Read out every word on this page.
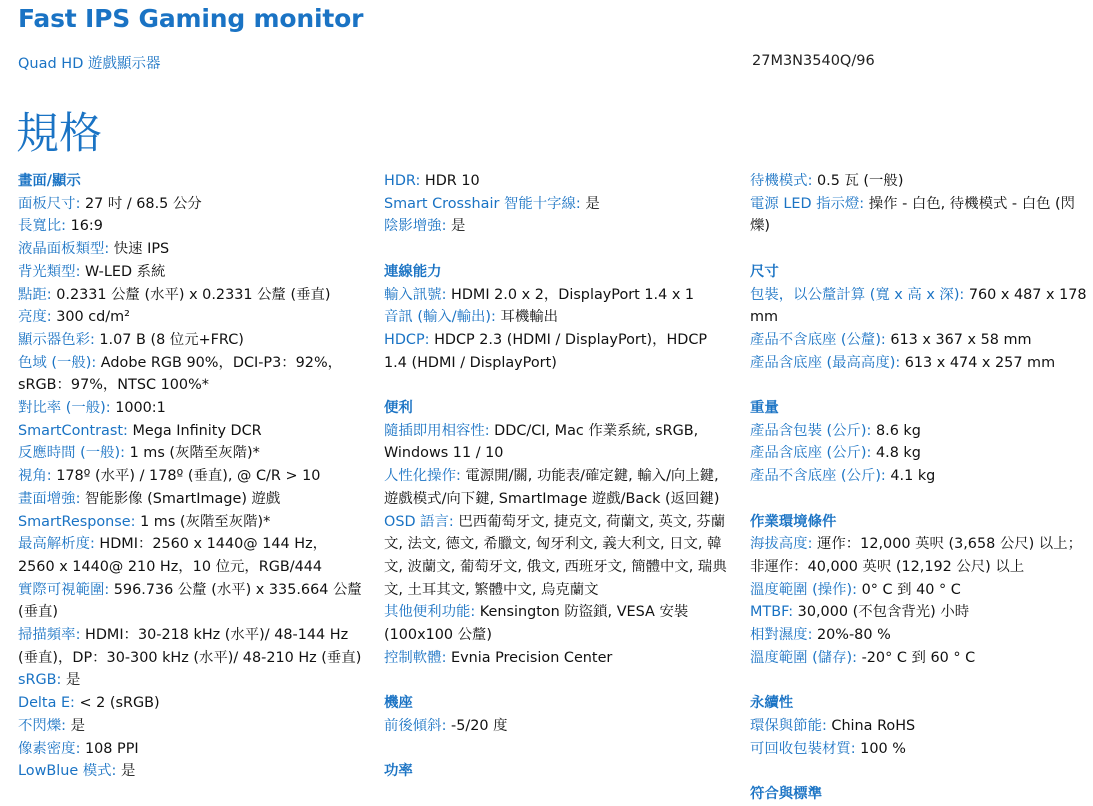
Fast IPS Gaming monitor
Quad HD 遊戲顯示器	27M3N3540Q/96
規格
畫面/顯示
面板尺寸: 27 吋 / 68.5 公分
長寬比: 16:9
液晶面板類型: 快速 IPS
背光類型: W-LED 系統
點距: 0.2331 公釐 (水平) x 0.2331 公釐 (垂直)
亮度: 300 cd/m²
顯示器色彩: 1.07 B (8 位元+FRC)
色域 (一般): Adobe RGB 90%，DCI-P3：92%，sRGB：97%，NTSC 100%*
對比率 (一般): 1000:1
SmartContrast: Mega Infinity DCR
反應時間 (一般): 1 ms (灰階至灰階)*
視角: 178º (水平) / 178º (垂直), @ C/R > 10
畫面增強: 智能影像 (SmartImage) 遊戲
SmartResponse: 1 ms (灰階至灰階)*
最高解析度: HDMI：2560 x 1440@ 144 Hz，2560 x 1440@ 210 Hz，10 位元，RGB/444
實際可視範圍: 596.736 公釐 (水平) x 335.664 公釐 (垂直)
掃描頻率: HDMI：30-218 kHz (水平)/ 48-144 Hz (垂直)，DP：30-300 kHz (水平)/ 48-210 Hz (垂直)
sRGB: 是
Delta E: < 2 (sRGB)
不閃爍: 是
像素密度: 108 PPI
LowBlue 模式: 是
HDR: HDR 10
Smart Crosshair 智能十字線: 是
陰影增強: 是
連線能力
輸入訊號: HDMI 2.0 x 2，DisplayPort 1.4 x 1
音訊 (輸入/輸出): 耳機輸出
HDCP: HDCP 2.3 (HDMI / DisplayPort)，HDCP 1.4 (HDMI / DisplayPort)
便利
隨插即用相容性: DDC/CI, Mac 作業系統, sRGB, Windows 11 / 10
人性化操作: 電源開/關, 功能表/確定鍵, 輸入/向上鍵, 遊戲模式/向下鍵, SmartImage 遊戲/Back (返回鍵)
OSD 語言: 巴西葡萄牙文, 捷克文, 荷蘭文, 英文, 芬蘭文, 法文, 德文, 希臘文, 匈牙利文, 義大利文, 日文, 韓文, 波蘭文, 葡萄牙文, 俄文, 西班牙文, 簡體中文, 瑞典文, 土耳其文, 繁體中文, 烏克蘭文
其他便利功能: Kensington 防盜鎖, VESA 安裝 (100x100 公釐)
控制軟體: Evnia Precision Center
機座
前後傾斜: -5/20 度
功率
待機模式: 0.5 瓦 (一般)
電源 LED 指示燈: 操作 - 白色, 待機模式 - 白色 (閃爍)
尺寸
包裝，以公釐計算 (寬 x 高 x 深): 760 x 487 x 178 mm
產品不含底座 (公釐): 613 x 367 x 58 mm
產品含底座 (最高高度): 613 x 474 x 257 mm
重量
產品含包裝 (公斤): 8.6 kg
產品含底座 (公斤): 4.8 kg
產品不含底座 (公斤): 4.1 kg
作業環境條件
海拔高度: 運作：12,000 英呎 (3,658 公尺) 以上；非運作：40,000 英呎 (12,192 公尺) 以上
溫度範圍 (操作): 0° C 到 40 ° C
MTBF: 30,000 (不包含背光) 小時
相對濕度: 20%-80 %
溫度範圍 (儲存): -20° C 到 60 ° C
永續性
環保與節能: China RoHS
可回收包裝材質: 100 %
符合與標準
